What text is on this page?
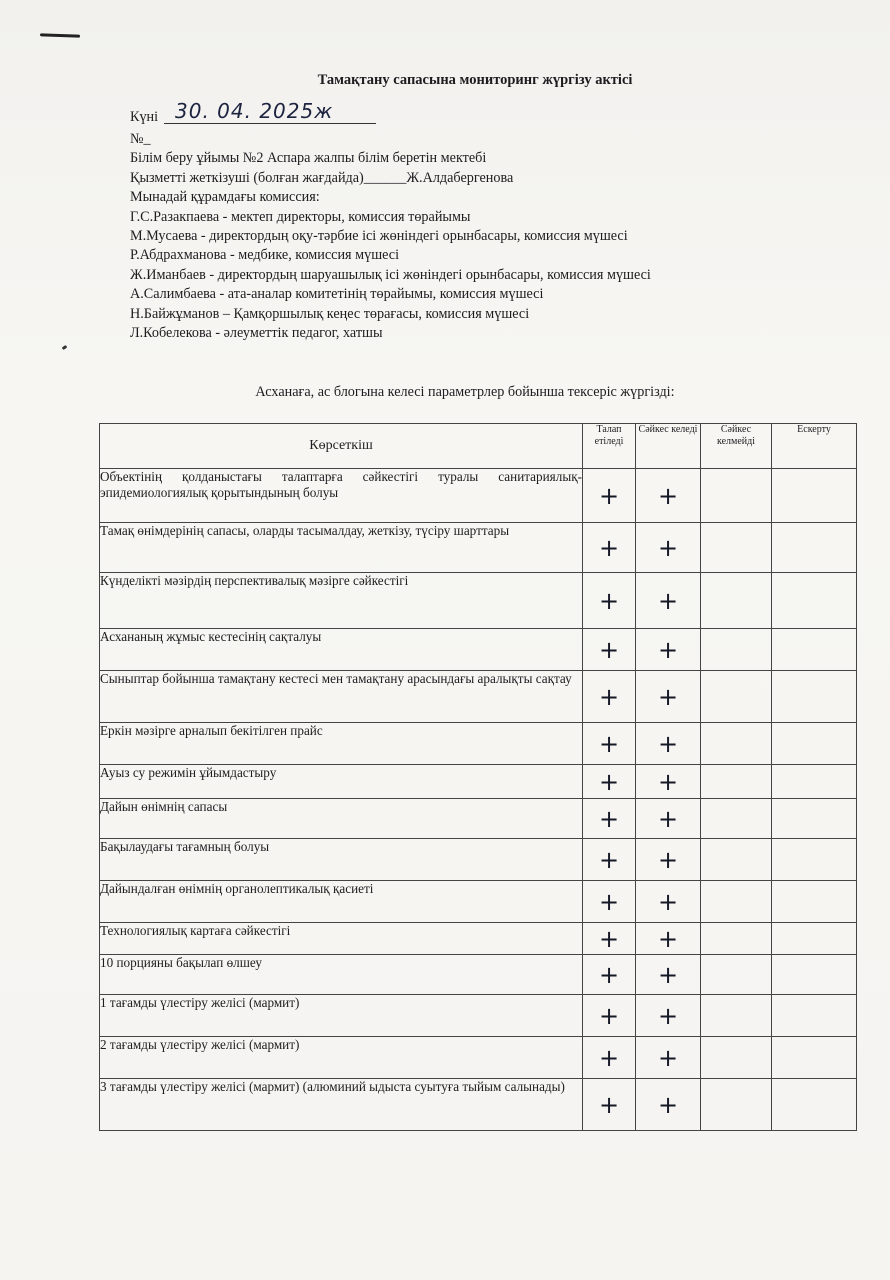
Тамақтану сапасына мониторинг жүргізу актісі
Күні 30. 04. 2025ж
№_
Білім беру ұйымы №2 Аспара жалпы білім беретін мектебі
Қызметті жеткізуші (болған жағдайда)______Ж.Алдабергенова
Мынадай құрамдағы комиссия:
Г.С.Разакпаева - мектеп директоры, комиссия төрайымы
М.Мусаева - директордың оқу-тәрбие ісі жөніндегі орынбасары, комиссия мүшесі
Р.Абдрахманова - медбике, комиссия мүшесі
Ж.Иманбаев - директордың шаруашылық ісі жөніндегі орынбасары, комиссия мүшесі
А.Салимбаева - ата-аналар комитетінің төрайымы, комиссия мүшесі
Н.Байжұманов – Қамқоршылық кеңес төрағасы, комиссия мүшесі
Л.Кобелекова - әлеуметтік педагог, хатшы
Асханаға, ас блогына келесі параметрлер бойынша тексеріс жүргізді:
Көрсеткіш	Талап етіледі	Сәйкес келеді	Сәйкес келмейді	Ескерту
Объектінің қолданыстағы талаптарға сәйкестігі туралы санитариялық-эпидемиологиялық қорытындының болуы	+	+		
Тамақ өнімдерінің сапасы, оларды тасымалдау, жеткізу, түсіру шарттары	+	+		
Күнделікті мәзірдің перспективалық мәзірге сәйкестігі	+	+		
Асхананың жұмыс кестесінің сақталуы	+	+		
Сыныптар бойынша тамақтану кестесі мен тамақтану арасындағы аралықты сақтау	+	+		
Еркін мәзірге арналып бекітілген прайс	+	+		
Ауыз су режимін ұйымдастыру	+	+		
Дайын өнімнің сапасы	+	+		
Бақылаудағы тағамның болуы	+	+		
Дайындалған өнімнің органолептикалық қасиеті	+	+		
Технологиялық картаға сәйкестігі	+	+		
10 порцияны бақылап өлшеу	+	+		
1 тағамды үлестіру желісі (мармит)	+	+		
2 тағамды үлестіру желісі (мармит)	+	+		
3 тағамды үлестіру желісі (мармит) (алюминий ыдыста суытуға тыйым салынады)	+	+		
